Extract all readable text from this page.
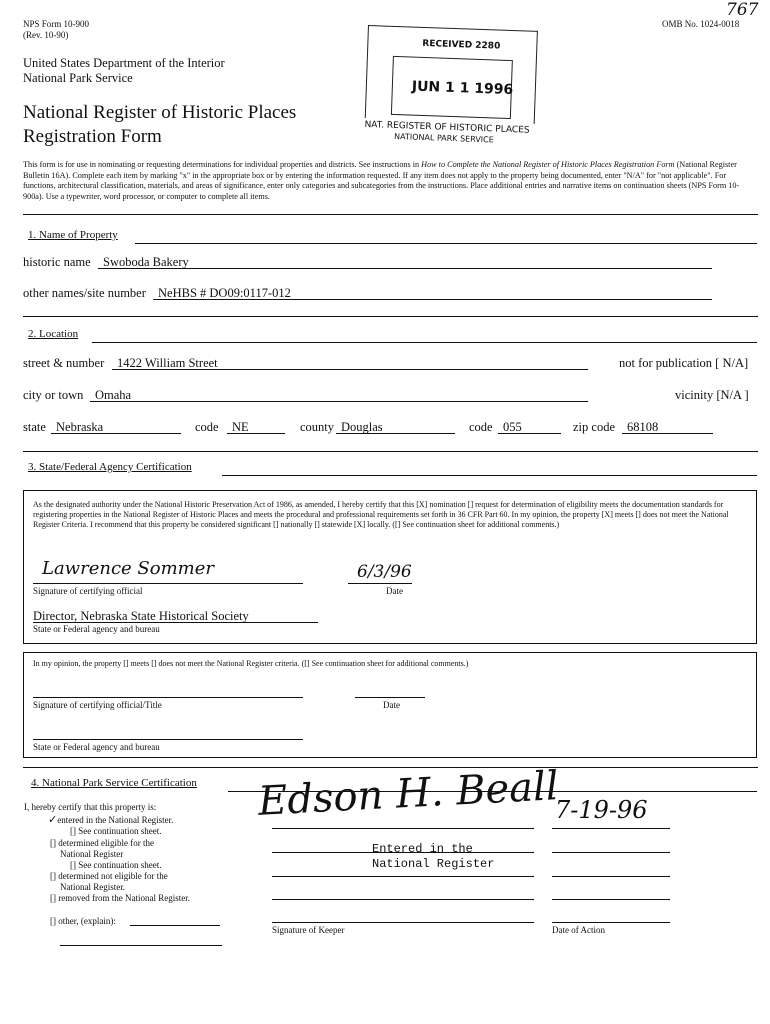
NPS Form 10-900
(Rev. 10-90)
OMB No. 1024-0018
767
United States Department of the Interior
National Park Service
National Register of Historic Places
Registration Form
RECEIVED 2280
JUN 1 1 1996
NAT. REGISTER OF HISTORIC PLACES
NATIONAL PARK SERVICE
This form is for use in nominating or requesting determinations for individual properties and districts. See instructions in How to Complete the National Register of Historic Places Registration Form (National Register Bulletin 16A). Complete each item by marking "x" in the appropriate box or by entering the information requested. If any item does not apply to the property being documented, enter "N/A" for "not applicable". For functions, architectural classification, materials, and areas of significance, enter only categories and subcategories from the instructions. Place additional entries and narrative items on continuation sheets (NPS Form 10-900a). Use a typewriter, word processor, or computer to complete all items.
1. Name of Property
historic name Swoboda Bakery
other names/site number NeHBS # DO09:0117-012
2. Location
street & number 1422 William Street	not for publication [ N/A]
city or town Omaha	vicinity [N/A ]
state Nebraska	code NE	county Douglas	code 055	zip code 68108
3. State/Federal Agency Certification
As the designated authority under the National Historic Preservation Act of 1986, as amended, I hereby certify that this [X] nomination [] request for determination of eligibility meets the documentation standards for registering properties in the National Register of Historic Places and meets the procedural and professional requirements set forth in 36 CFR Part 60. In my opinion, the property [X] meets [] does not meet the National Register Criteria. I recommend that this property be considered significant [] nationally [] statewide [X] locally. ([] See continuation sheet for additional comments.)
Lawrence Sommer	6/3/96
Signature of certifying official	Date
Director, Nebraska State Historical Society
State or Federal agency and bureau
In my opinion, the property [] meets [] does not meet the National Register criteria. ([] See continuation sheet for additional comments.)
Signature of certifying official/Title	Date
State or Federal agency and bureau
4. National Park Service Certification
I, hereby certify that this property is:
✓entered in the National Register.
[] See continuation sheet.
[] determined eligible for the
National Register
[] See continuation sheet.
[] determined not eligible for the
National Register.
[] removed from the National Register.
[] other, (explain):
Edson H. Beall
7-19-96
Entered in the
National Register
Signature of Keeper	Date of Action
